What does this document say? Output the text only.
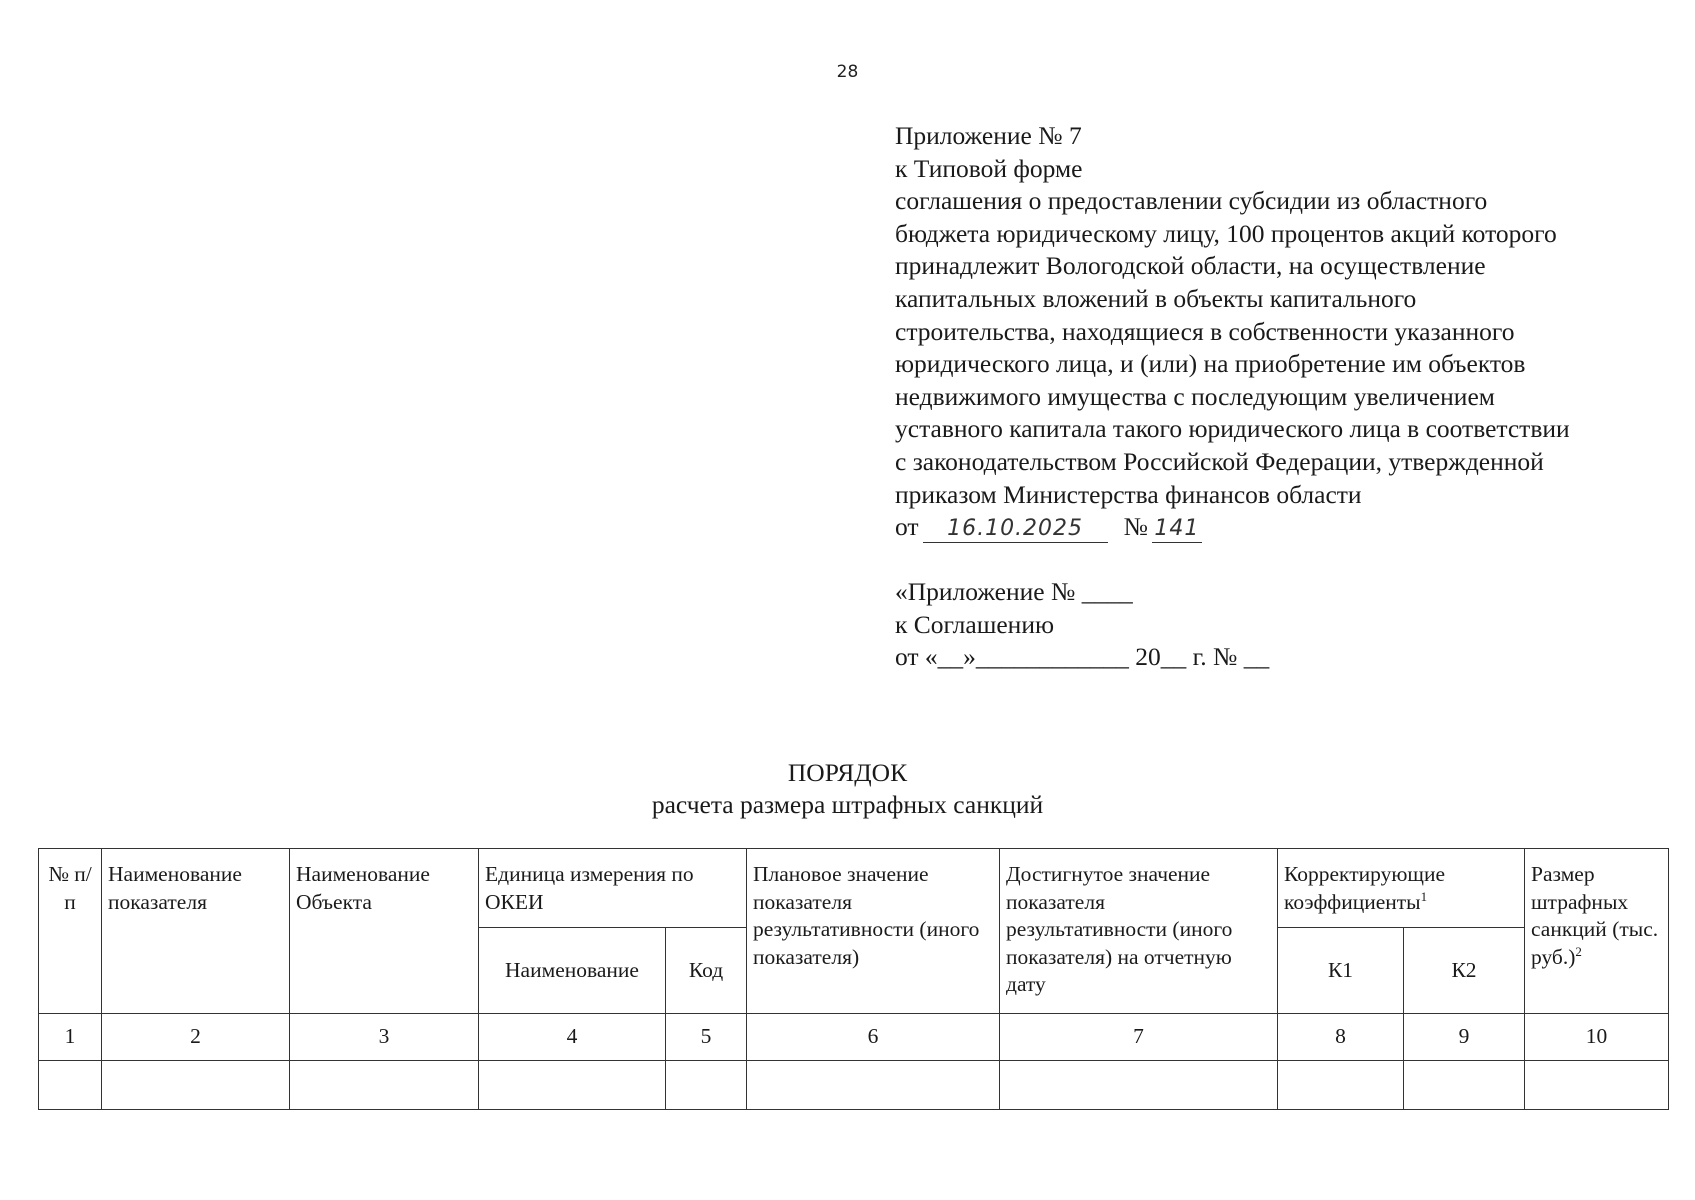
28
Приложение № 7
к Типовой форме
соглашения о предоставлении субсидии из областного
бюджета юридическому лицу, 100 процентов акций которого
принадлежит Вологодской области, на осуществление
капитальных вложений в объекты капитального
строительства, находящиеся в собственности указанного
юридического лица, и (или) на приобретение им объектов
недвижимого имущества с последующим увеличением
уставного капитала такого юридического лица в соответствии
с законодательством Российской Федерации, утвержденной
приказом Министерства финансов области
от	16.10.2025	№ 141
«Приложение № ____
к Соглашению
от «__»____________ 20__ г. № __
ПОРЯДОК
расчета размера штрафных санкций
№ п/п	Наименование показателя	Наименование Объекта	Единица измерения по ОКЕИ		Плановое значение показателя результативности (иного показателя)	Достигнутое значение показателя результативности (иного показателя) на отчетную дату	Корректирующие коэффициенты$^1$		Размер штрафных санкций (тыс. руб.)$^2$
			Наименование	Код			К1	К2	
1	2	3	4	5	6	7	8	9	10
